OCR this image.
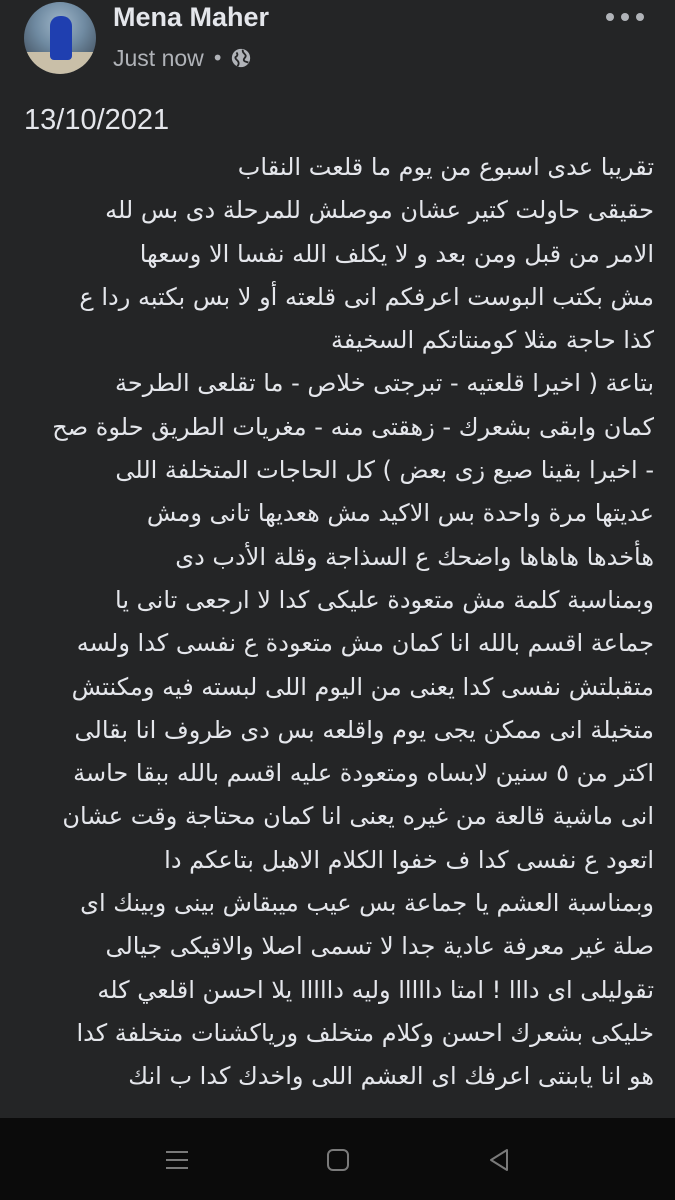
Mena Maher
Just now •
13/10/2021
تقريبا عدى اسبوع من يوم ما قلعت النقاب
حقيقى حاولت كتير عشان موصلش للمرحلة دى بس لله
الامر من قبل ومن بعد و لا يكلف الله نفسا الا وسعها
مش بكتب البوست اعرفكم انى قلعته أو لا بس بكتبه ردا ع
كذا حاجة مثلا كومنتاتكم السخيفة
بتاعة ( اخيرا قلعتيه - تبرجتى خلاص - ما تقلعى الطرحة
كمان وابقى بشعرك - زهقتى منه - مغريات الطريق حلوة صح
- اخيرا بقينا صيع زى بعض ) كل الحاجات المتخلفة اللى
عديتها مرة واحدة بس الاكيد مش هعديها تانى ومش
هأخدها هاهاها واضحك ع السذاجة وقلة الأدب دى
وبمناسبة كلمة مش متعودة عليكى كدا لا ارجعى تانى يا
جماعة اقسم بالله انا كمان مش متعودة ع نفسى كدا ولسه
متقبلتش نفسى كدا يعنى من اليوم اللى لبسته فيه ومكنتش
متخيلة انى ممكن يجى يوم واقلعه بس دى ظروف انا بقالى
اكتر من ٥ سنين لابساه ومتعودة عليه اقسم بالله ببقا حاسة
انى ماشية قالعة من غيره يعنى انا كمان محتاجة وقت عشان
اتعود ع نفسى كدا ف خفوا الكلام الاهبل بتاعكم دا
وبمناسبة العشم يا جماعة بس عيب ميبقاش بينى وبينك اى
صلة غير معرفة عادية جدا لا تسمى اصلا والاقيكى جيالى
تقوليلى اى دااا ! امتا دااااا وليه دااااا يلا احسن اقلعي كله
خليكى بشعرك احسن وكلام متخلف ورياكشنات متخلفة كدا
هو انا يابنتى اعرفك اى العشم اللى واخدك كدا ب انك
